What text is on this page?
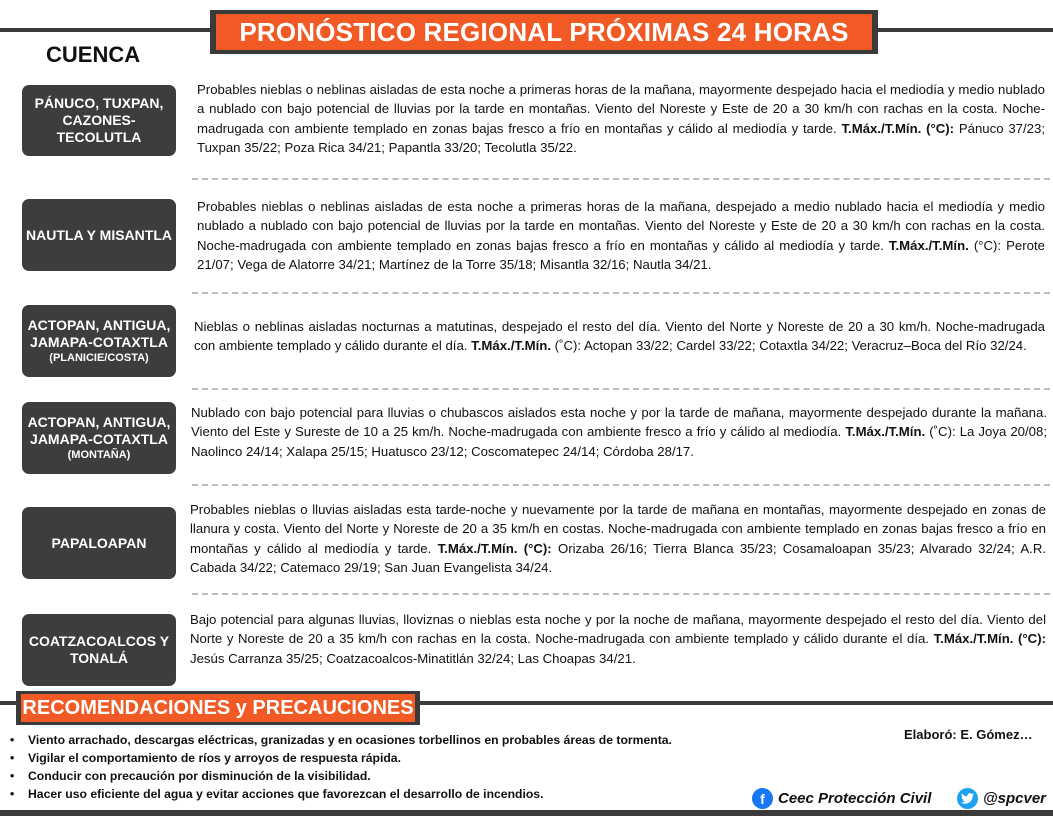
PRONÓSTICO REGIONAL PRÓXIMAS 24 HORAS
CUENCA
PÁNUCO, TUXPAN, CAZONES-TECOLUTLA
Probables nieblas o neblinas aisladas de esta noche a primeras horas de la mañana, mayormente despejado hacia el mediodía y medio nublado a nublado con bajo potencial de lluvias por la tarde en montañas. Viento del Noreste y Este de 20 a 30 km/h con rachas en la costa. Noche-madrugada con ambiente templado en zonas bajas fresco a frío en montañas y cálido al mediodía y tarde. T.Máx./T.Mín. (°C): Pánuco 37/23; Tuxpan 35/22; Poza Rica 34/21; Papantla 33/20; Tecolutla 35/22.
NAUTLA Y MISANTLA
Probables nieblas o neblinas aisladas de esta noche a primeras horas de la mañana, despejado a medio nublado hacia el mediodía y medio nublado a nublado con bajo potencial de lluvias por la tarde en montañas. Viento del Noreste y Este de 20 a 30 km/h con rachas en la costa. Noche-madrugada con ambiente templado en zonas bajas fresco a frío en montañas y cálido al mediodía y tarde. T.Máx./T.Mín. (°C): Perote 21/07; Vega de Alatorre 34/21; Martínez de la Torre 35/18; Misantla 32/16; Nautla 34/21.
ACTOPAN, ANTIGUA, JAMAPA-COTAXTLA
(PLANICIE/COSTA)
Nieblas o neblinas aisladas nocturnas a matutinas, despejado el resto del día. Viento del Norte y Noreste de 20 a 30 km/h. Noche-madrugada con ambiente templado y cálido durante el día. T.Máx./T.Mín. (˚C): Actopan 33/22; Cardel 33/22; Cotaxtla 34/22; Veracruz–Boca del Río 32/24.
ACTOPAN, ANTIGUA, JAMAPA-COTAXTLA
(MONTAÑA)
Nublado con bajo potencial para lluvias o chubascos aislados esta noche y por la tarde de mañana, mayormente despejado durante la mañana. Viento del Este y Sureste de 10 a 25 km/h. Noche-madrugada con ambiente fresco a frío y cálido al mediodía. T.Máx./T.Mín. (˚C): La Joya 20/08; Naolinco 24/14; Xalapa 25/15; Huatusco 23/12; Coscomatepec 24/14; Córdoba 28/17.
PAPALOAPAN
Probables nieblas o lluvias aisladas esta tarde-noche y nuevamente por la tarde de mañana en montañas, mayormente despejado en zonas de llanura y costa. Viento del Norte y Noreste de 20 a 35 km/h en costas. Noche-madrugada con ambiente templado en zonas bajas fresco a frío en montañas y cálido al mediodía y tarde. T.Máx./T.Mín. (°C): Orizaba 26/16; Tierra Blanca 35/23; Cosamaloapan 35/23; Alvarado 32/24; A.R. Cabada 34/22; Catemaco 29/19; San Juan Evangelista 34/24.
COATZACOALCOS Y TONALÁ
Bajo potencial para algunas lluvias, lloviznas o nieblas esta noche y por la noche de mañana, mayormente despejado el resto del día. Viento del Norte y Noreste de 20 a 35 km/h con rachas en la costa. Noche-madrugada con ambiente templado y cálido durante el día. T.Máx./T.Mín. (°C): Jesús Carranza 35/25; Coatzacoalcos-Minatitlán 32/24; Las Choapas 34/21.
RECOMENDACIONES y PRECAUCIONES
• Viento arrachado, descargas eléctricas, granizadas y en ocasiones torbellinos en probables áreas de tormenta.
• Vigilar el comportamiento de ríos y arroyos de respuesta rápida.
• Conducir con precaución por disminución de la visibilidad.
• Hacer uso eficiente del agua y evitar acciones que favorezcan el desarrollo de incendios.
Elaboró: E. Gómez…
f Ceec Protección Civil	@spcver
